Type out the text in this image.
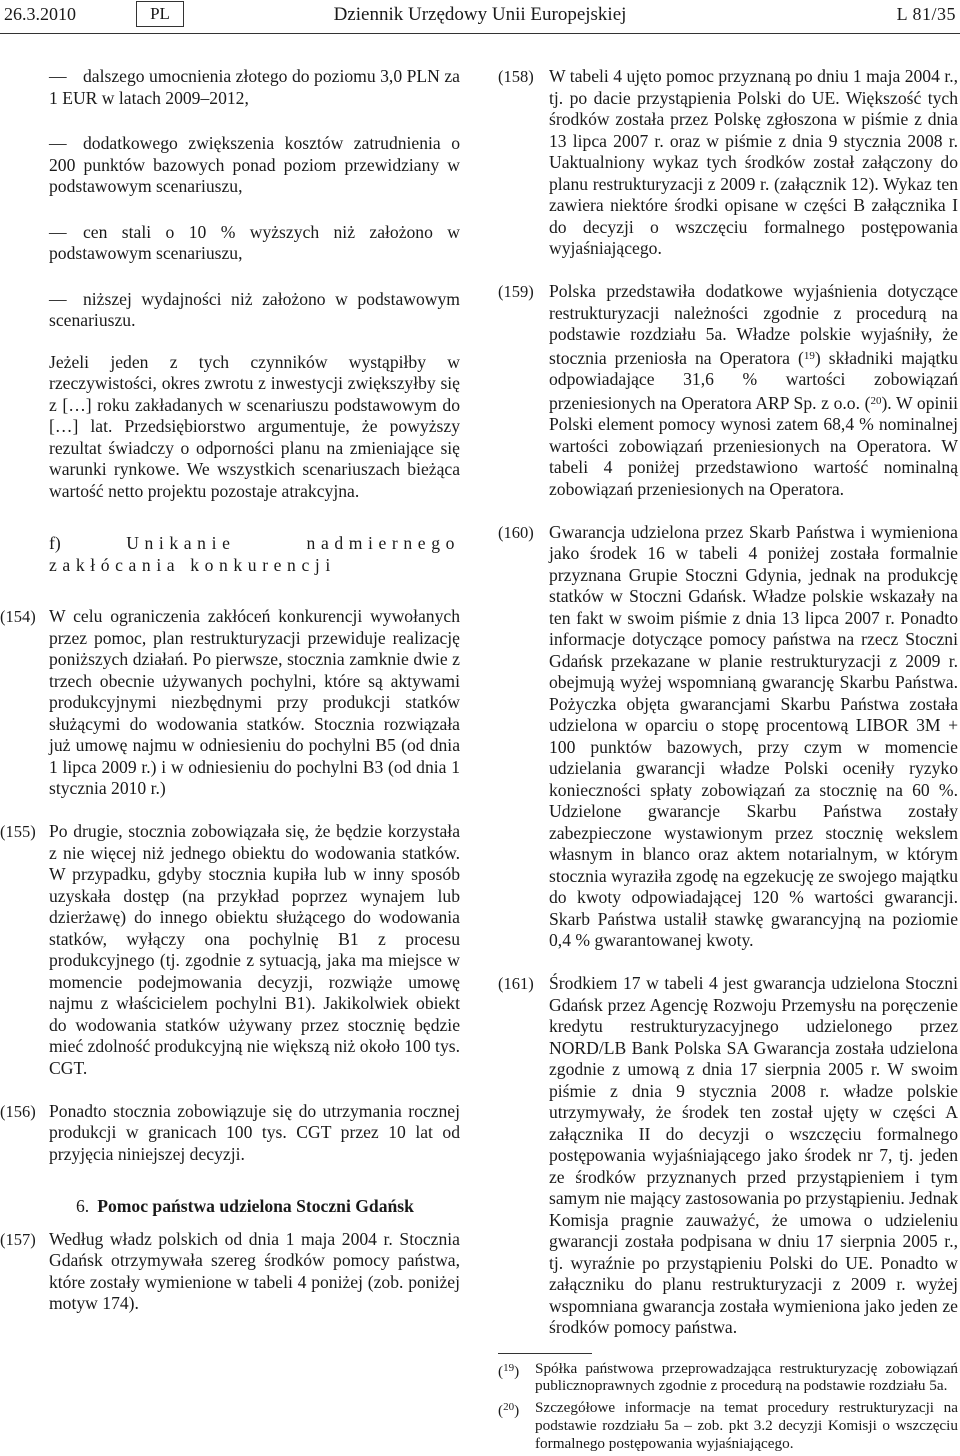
26.3.2010	PL	Dziennik Urzędowy Unii Europejskiej	L 81/35
— dalszego umocnienia złotego do poziomu 3,0 PLN za 1 EUR w latach 2009–2012,
— dodatkowego zwiększenia kosztów zatrudnienia o 200 punktów bazowych ponad poziom przewidziany w podstawowym scenariuszu,
— cen stali o 10 % wyższych niż założono w podstawowym scenariuszu,
— niższej wydajności niż założono w podstawowym scenariuszu.

Jeżeli jeden z tych czynników wystąpiłby w rzeczywistości, okres zwrotu z inwestycji zwiększyłby się z […] roku zakładanych w scenariuszu podstawowym do […] lat. Przedsiębiorstwo argumentuje, że powyższy rezultat świadczy o odporności planu na zmieniające się warunki rynkowe. We wszystkich scenariuszach bieżąca wartość netto projektu pozostaje atrakcyjna.

f)	Unikanie nadmiernego zakłócania konkurencji

(154) W celu ograniczenia zakłóceń konkurencji wywołanych przez pomoc, plan restrukturyzacji przewiduje realizację poniższych działań. Po pierwsze, stocznia zamknie dwie z trzech obecnie używanych pochylni, które są aktywami produkcyjnymi niezbędnymi przy produkcji statków służącymi do wodowania statków. Stocznia rozwiązała już umowę najmu w odniesieniu do pochylni B5 (od dnia 1 lipca 2009 r.) i w odniesieniu do pochylni B3 (od dnia 1 stycznia 2010 r.)
(155) Po drugie, stocznia zobowiązała się, że będzie korzystała z nie więcej niż jednego obiektu do wodowania statków. W przypadku, gdyby stocznia kupiła lub w inny sposób uzyskała dostęp (na przykład poprzez wynajem lub dzierżawę) do innego obiektu służącego do wodowania statków, wyłączy ona pochylnię B1 z procesu produkcyjnego (tj. zgodnie z sytuacją, jaka ma miejsce w momencie podejmowania decyzji, rozwiąże umowę najmu z właścicielem pochylni B1). Jakikolwiek obiekt do wodowania statków używany przez stocznię będzie mieć zdolność produkcyjną nie większą niż około 100 tys. CGT.
(156) Ponadto stocznia zobowiązuje się do utrzymania rocznej produkcji w granicach 100 tys. CGT przez 10 lat od przyjęcia niniejszej decyzji.

6. Pomoc państwa udzielona Stoczni Gdańsk

(157) Według władz polskich od dnia 1 maja 2004 r. Stocznia Gdańsk otrzymywała szereg środków pomocy państwa, które zostały wymienione w tabeli 4 poniżej (zob. poniżej motyw 174).
(158) W tabeli 4 ujęto pomoc przyznaną po dniu 1 maja 2004 r., tj. po dacie przystąpienia Polski do UE. Większość tych środków została przez Polskę zgłoszona w piśmie z dnia 13 lipca 2007 r. oraz w piśmie z dnia 9 stycznia 2008 r. Uaktualniony wykaz tych środków został załączony do planu restrukturyzacji z 2009 r. (załącznik 12). Wykaz ten zawiera niektóre środki opisane w części B załącznika I do decyzji o wszczęciu formalnego postępowania wyjaśniającego.
(159) Polska przedstawiła dodatkowe wyjaśnienia dotyczące restrukturyzacji należności zgodnie z procedurą na podstawie rozdziału 5a. Władze polskie wyjaśniły, że stocznia przeniosła na Operatora ($^{19}$) składniki majątku odpowiadające 31,6 % wartości zobowiązań przeniesionych na Operatora ARP Sp. z o.o. ($^{20}$). W opinii Polski element pomocy wynosi zatem 68,4 % nominalnej wartości zobowiązań przeniesionych na Operatora. W tabeli 4 poniżej przedstawiono wartość nominalną zobowiązań przeniesionych na Operatora.
(160) Gwarancja udzielona przez Skarb Państwa i wymieniona jako środek 16 w tabeli 4 poniżej została formalnie przyznana Grupie Stoczni Gdynia, jednak na produkcję statków w Stoczni Gdańsk. Władze polskie wskazały na ten fakt w swoim piśmie z dnia 13 lipca 2007 r. Ponadto informacje dotyczące pomocy państwa na rzecz Stoczni Gdańsk przekazane w planie restrukturyzacji z 2009 r. obejmują wyżej wspomnianą gwarancję Skarbu Państwa. Pożyczka objęta gwarancjami Skarbu Państwa została udzielona w oparciu o stopę procentową LIBOR 3M + 100 punktów bazowych, przy czym w momencie udzielania gwarancji władze Polski oceniły ryzyko konieczności spłaty zobowiązań za stocznię na 60 %. Udzielone gwarancje Skarbu Państwa zostały zabezpieczone wystawionym przez stocznię wekslem własnym in blanco oraz aktem notarialnym, w którym stocznia wyraziła zgodę na egzekucję ze swojego majątku do kwoty odpowiadającej 120 % wartości gwarancji. Skarb Państwa ustalił stawkę gwarancyjną na poziomie 0,4 % gwarantowanej kwoty.
(161) Środkiem 17 w tabeli 4 jest gwarancja udzielona Stoczni Gdańsk przez Agencję Rozwoju Przemysłu na poręczenie kredytu restrukturyzacyjnego udzielonego przez NORD/LB Bank Polska SA Gwarancja została udzielona zgodnie z umową z dnia 17 sierpnia 2005 r. W swoim piśmie z dnia 9 stycznia 2008 r. władze polskie utrzymywały, że środek ten został ujęty w części A załącznika II do decyzji o wszczęciu formalnego postępowania wyjaśniającego jako środek nr 7, tj. jeden ze środków przyznanych przed przystąpieniem i tym samym nie mający zastosowania po przystąpieniu. Jednak Komisja pragnie zauważyć, że umowa o udzieleniu gwarancji została podpisana w dniu 17 sierpnia 2005 r., tj. wyraźnie po przystąpieniu Polski do UE. Ponadto w załączniku do planu restrukturyzacji z 2009 r. wyżej wspomniana gwarancja została wymieniona jako jeden ze środków pomocy państwa.
($^{19}$) Spółka państwowa przeprowadzająca restrukturyzację zobowiązań publicznoprawnych zgodnie z procedurą na podstawie rozdziału 5a.
($^{20}$) Szczegółowe informacje na temat procedury restrukturyzacji na podstawie rozdziału 5a – zob. pkt 3.2 decyzji Komisji o wszczęciu formalnego postępowania wyjaśniającego.
